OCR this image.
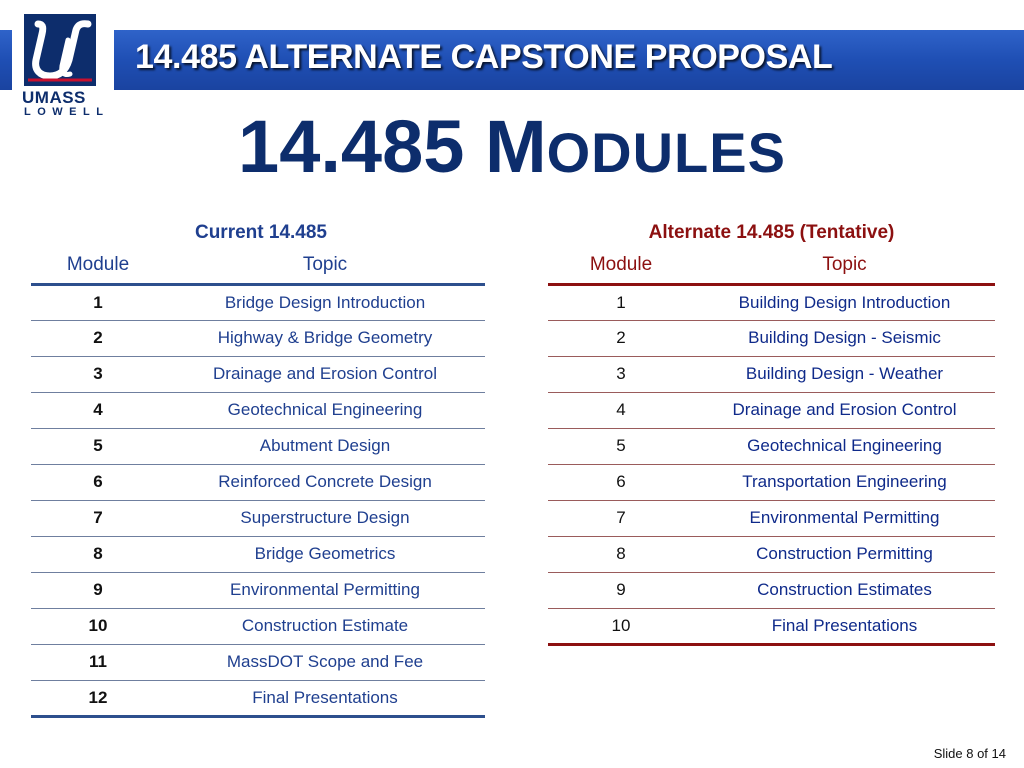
14.485 ALTERNATE CAPSTONE PROPOSAL
UMASS
LOWELL	14.485 MODULES
Current 14.485
Module	Topic
1	Bridge Design Introduction
2	Highway & Bridge Geometry
3	Drainage and Erosion Control
4	Geotechnical Engineering
5	Abutment Design
6	Reinforced Concrete Design
7	Superstructure Design
8	Bridge Geometrics
9	Environmental Permitting
10	Construction Estimate
11	MassDOT Scope and Fee
12	Final Presentations
Alternate 14.485 (Tentative)
Module	Topic
1	Building Design Introduction
2	Building Design - Seismic
3	Building Design - Weather
4	Drainage and Erosion Control
5	Geotechnical Engineering
6	Transportation Engineering
7	Environmental Permitting
8	Construction Permitting
9	Construction Estimates
10	Final Presentations
Slide 8 of 14
